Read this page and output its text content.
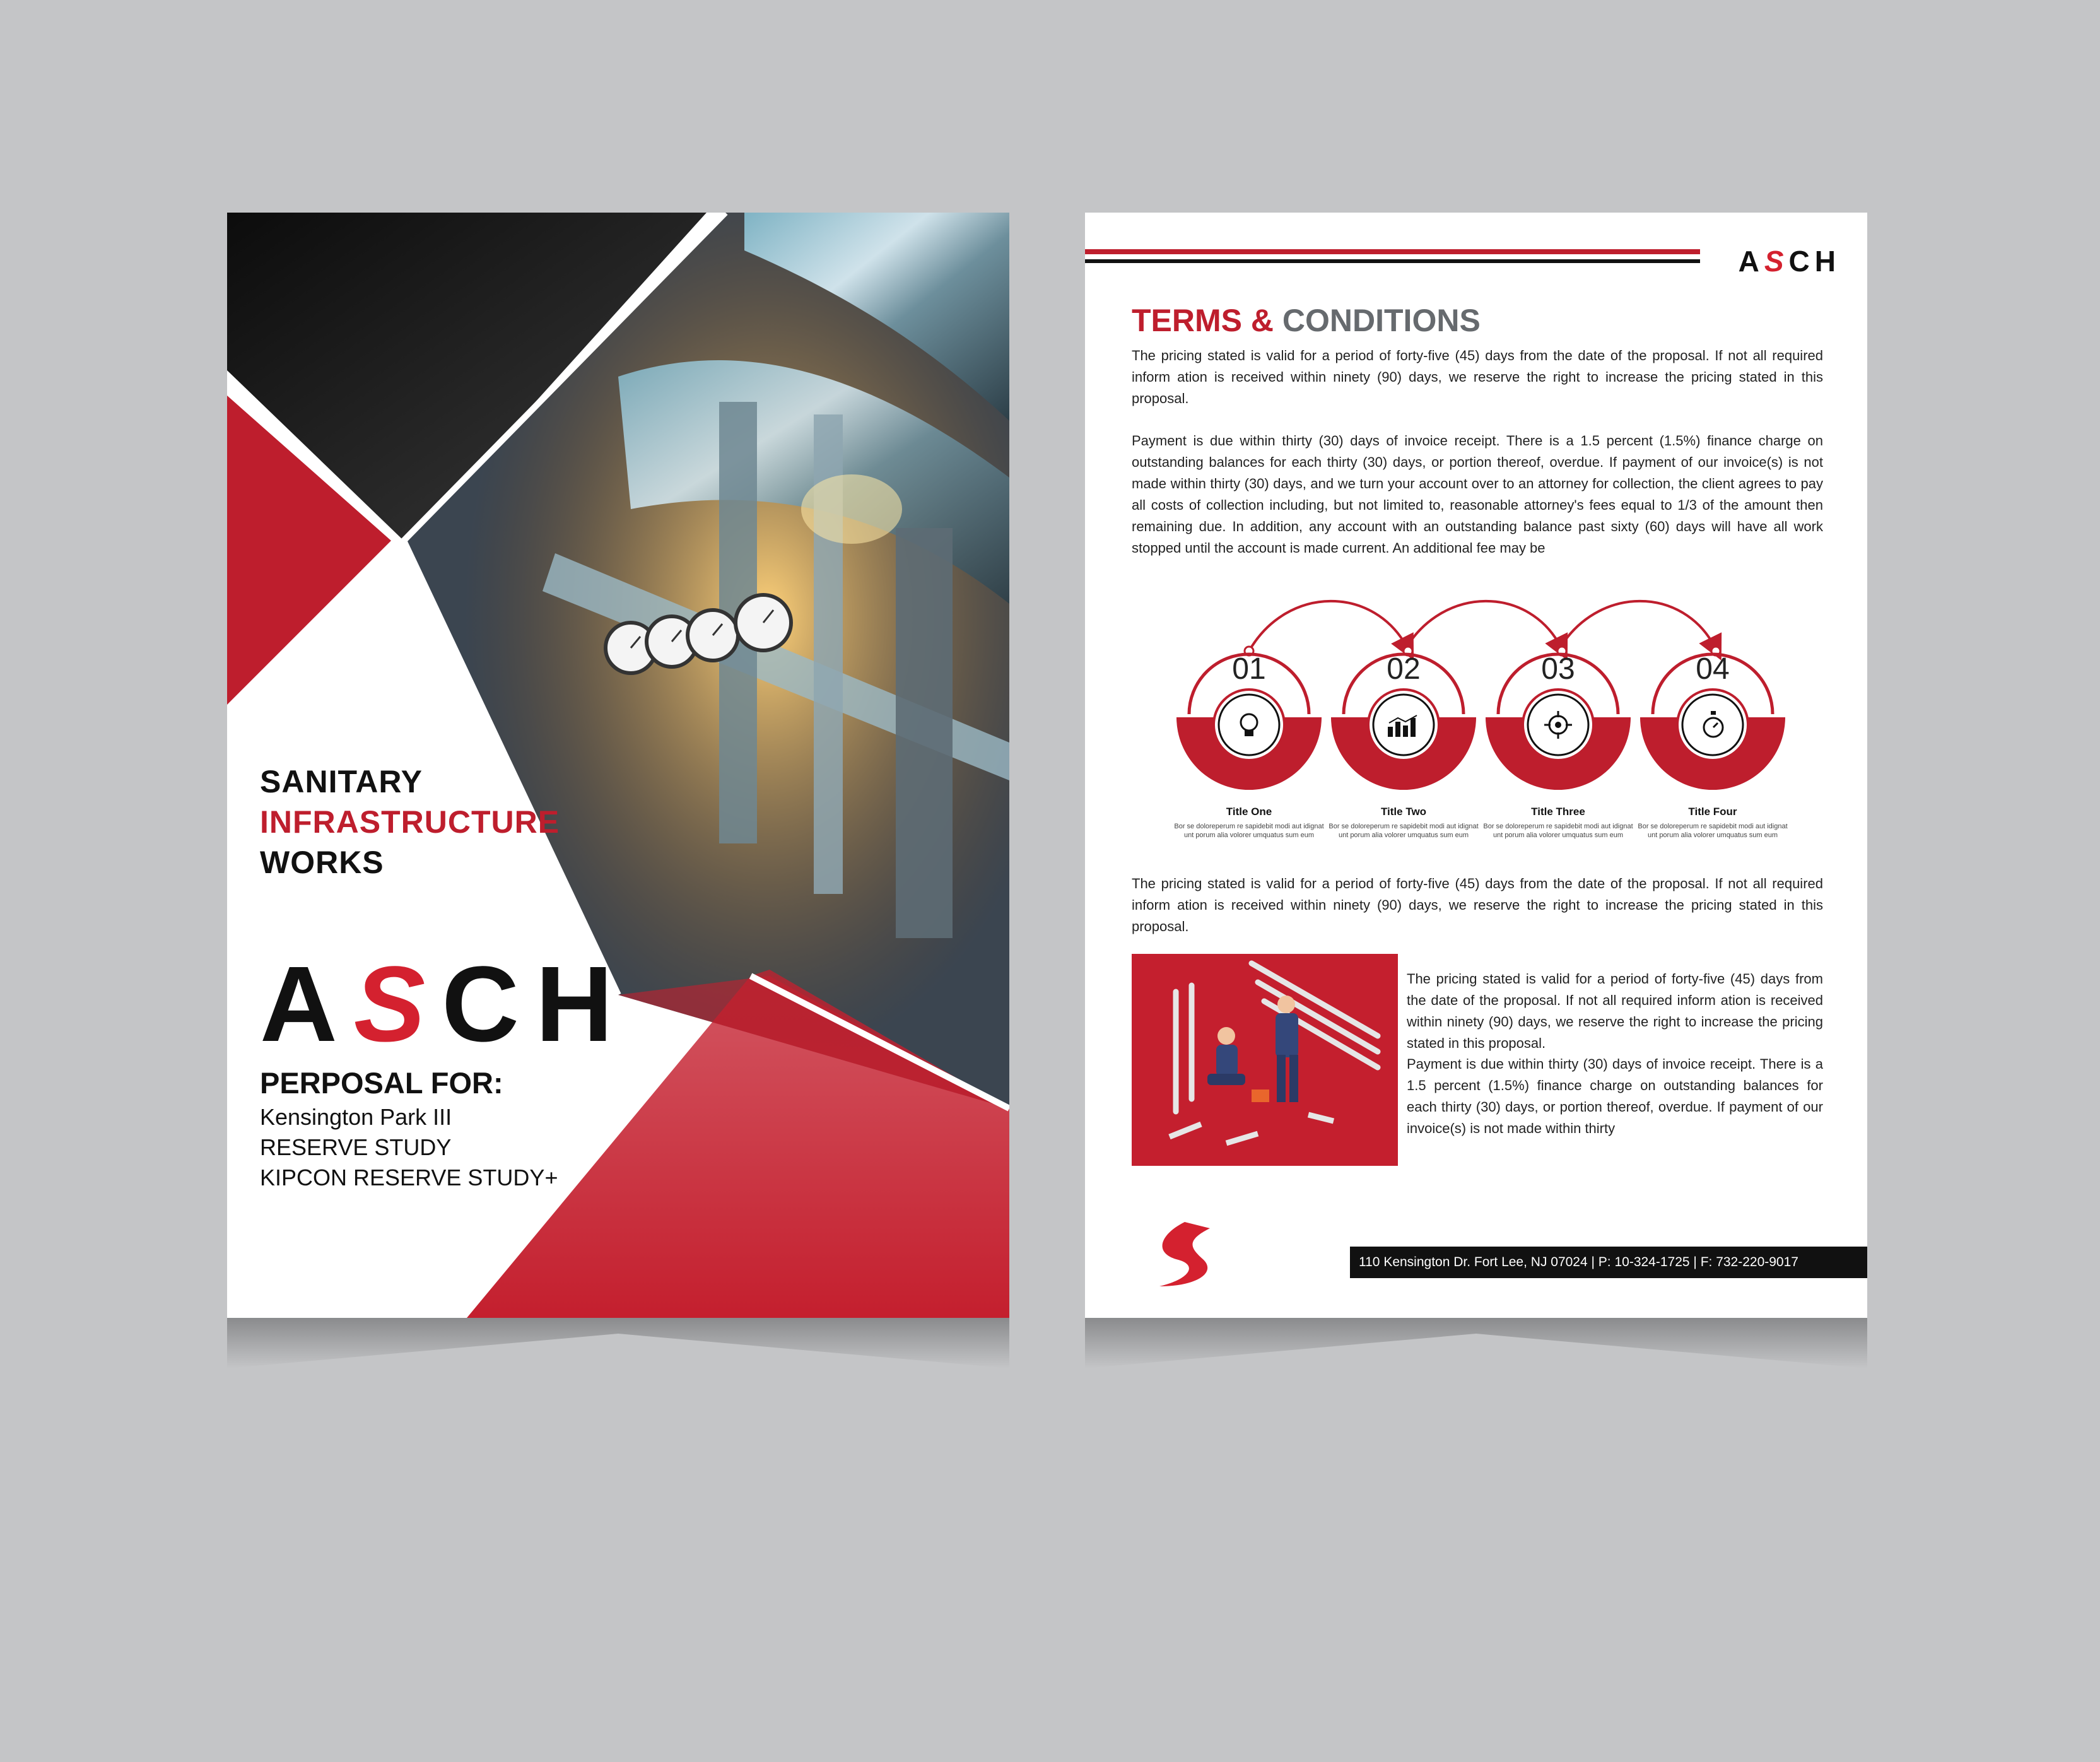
SANITARY
INFRASTRUCTURE
WORKS
ASCH
PERPOSAL FOR:
Kensington Park III
RESERVE STUDY
KIPCON RESERVE STUDY+
ASCH
TERMS & CONDITIONS
The pricing stated is valid for a period of forty-five (45) days from the date of the proposal. If not all required inform ation is received within ninety (90) days, we reserve the right to increase the pricing stated in this proposal.
Payment is due within thirty (30) days of invoice receipt. There is a 1.5 percent (1.5%) finance charge on outstanding balances for each thirty (30) days, or portion thereof, overdue. If payment of our invoice(s) is not made within thirty (30) days, and we turn your account over to an attorney for collection, the client agrees to pay all costs of collection including, but not limited to, reasonable attorney's fees equal to 1/3 of the amount then remaining due. In addition, any account with an outstanding balance past sixty (60) days will have all work stopped until the account is made current. An additional fee may be
01	02	03	04
Title One	Title Two	Title Three	Title Four
Bor se doloreperum re sapidebit modi aut idignat unt porum alia volorer umquatus sum eum
Bor se doloreperum re sapidebit modi aut idignat unt porum alia volorer umquatus sum eum
Bor se doloreperum re sapidebit modi aut idignat unt porum alia volorer umquatus sum eum
Bor se doloreperum re sapidebit modi aut idignat unt porum alia volorer umquatus sum eum
The pricing stated is valid for a period of forty-five (45) days from the date of the proposal. If not all required inform ation is received within ninety (90) days, we reserve the right to increase the pricing stated in this proposal.
The pricing stated is valid for a period of forty-five (45) days from the date of the proposal. If not all required inform ation is received within ninety (90) days, we reserve the right to increase the pricing stated in this proposal.
Payment is due within thirty (30) days of invoice receipt. There is a 1.5 percent (1.5%) finance charge on outstanding balances for each thirty (30) days, or portion thereof, overdue. If payment of our invoice(s) is not made within thirty
110 Kensington Dr. Fort Lee, NJ 07024 | P: 10-324-1725 | F: 732-220-9017
